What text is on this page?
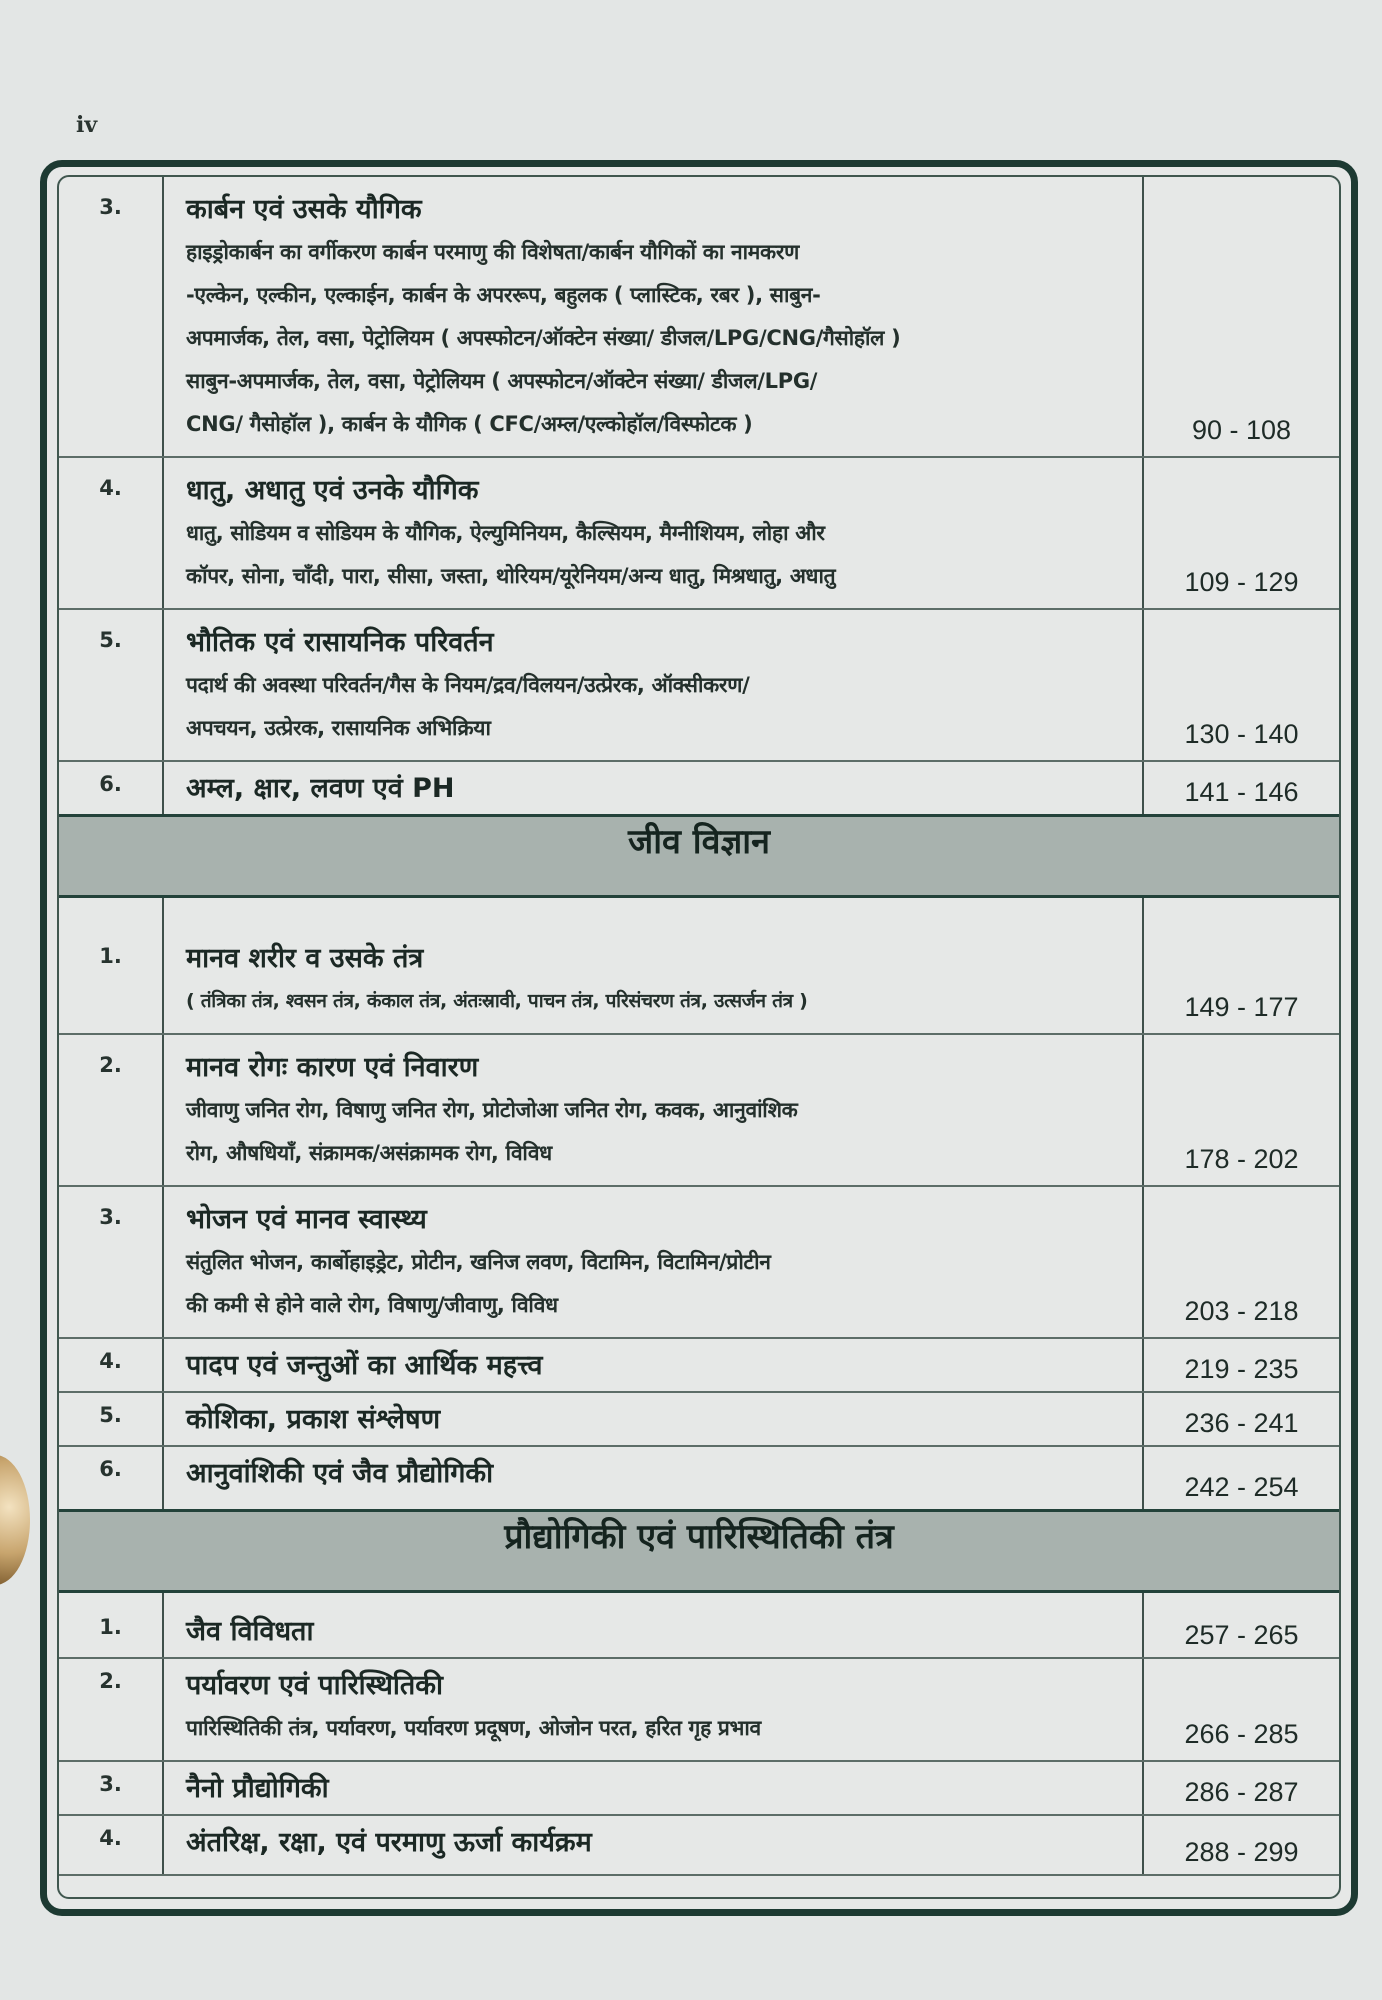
iv
3.	कार्बन एवं उसके यौगिक
हाइड्रोकार्बन का वर्गीकरण कार्बन परमाणु की विशेषता/कार्बन यौगिकों का नामकरण
-एल्केन, एल्कीन, एल्काईन, कार्बन के अपररूप, बहुलक ( प्लास्टिक, रबर ), साबुन-
अपमार्जक, तेल, वसा, पेट्रोलियम ( अपस्फोटन/ऑक्टेन संख्या/ डीजल/LPG/CNG/गैसोहॉल )
साबुन-अपमार्जक, तेल, वसा, पेट्रोलियम ( अपस्फोटन/ऑक्टेन संख्या/ डीजल/LPG/
CNG/ गैसोहॉल ), कार्बन के यौगिक ( CFC/अम्ल/एल्कोहॉल/विस्फोटक )	90 - 108
4.	धातु, अधातु एवं उनके यौगिक
धातु, सोडियम व सोडियम के यौगिक, ऐल्युमिनियम, कैल्सियम, मैग्नीशियम, लोहा और
कॉपर, सोना, चाँदी, पारा, सीसा, जस्ता, थोरियम/यूरेनियम/अन्य धातु, मिश्रधातु, अधातु	109 - 129
5.	भौतिक एवं रासायनिक परिवर्तन
पदार्थ की अवस्था परिवर्तन/गैस के नियम/द्रव/विलयन/उत्प्रेरक, ऑक्सीकरण/
अपचयन, उत्प्रेरक, रासायनिक अभिक्रिया	130 - 140
6.	अम्ल, क्षार, लवण एवं PH	141 - 146
जीव विज्ञान		

1.	मानव शरीर व उसके तंत्र
( तंत्रिका तंत्र, श्वसन तंत्र, कंकाल तंत्र, अंतःस्रावी, पाचन तंत्र, परिसंचरण तंत्र, उत्सर्जन तंत्र )	149 - 177
2.	मानव रोगः कारण एवं निवारण
जीवाणु जनित रोग, विषाणु जनित रोग, प्रोटोजोआ जनित रोग, कवक, आनुवांशिक
रोग, औषधियाँ, संक्रामक/असंक्रामक रोग, विविध	178 - 202
3.	भोजन एवं मानव स्वास्थ्य
संतुलित भोजन, कार्बोहाइड्रेट, प्रोटीन, खनिज लवण, विटामिन, विटामिन/प्रोटीन
की कमी से होने वाले रोग, विषाणु/जीवाणु, विविध	203 - 218
4.	पादप एवं जन्तुओं का आर्थिक महत्त्व	219 - 235
5.	कोशिका, प्रकाश संश्लेषण	236 - 241
6.	आनुवांशिकी एवं जैव प्रौद्योगिकी	242 - 254
प्रौद्योगिकी एवं पारिस्थितिकी तंत्र		
1.	जैव विविधता	257 - 265
2.	पर्यावरण एवं पारिस्थितिकी
पारिस्थितिकी तंत्र, पर्यावरण, पर्यावरण प्रदूषण, ओजोन परत, हरित गृह प्रभाव	266 - 285
3.	नैनो प्रौद्योगिकी	286 - 287
4.	अंतरिक्ष, रक्षा, एवं परमाणु ऊर्जा कार्यक्रम	288 - 299
